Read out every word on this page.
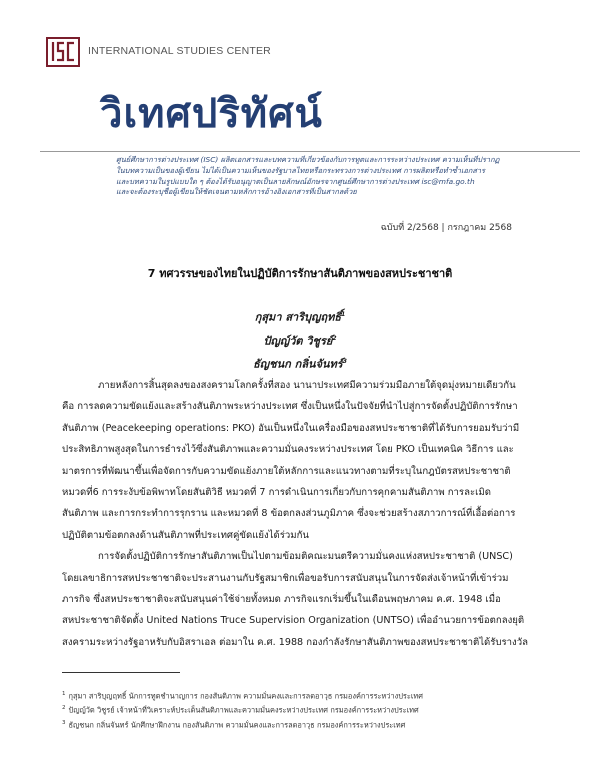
INTERNATIONAL STUDIES CENTER
วิเทศปริทัศน์
ศูนย์ศึกษาการต่างประเทศ (ISC) ผลิตเอกสารและบทความที่เกี่ยวข้องกับการทูตและการระหว่างประเทศ ความเห็นที่ปรากฏ
ในบทความเป็นของผู้เขียน ไม่ได้เป็นความเห็นของรัฐบาลไทยหรือกระทรวงการต่างประเทศ การผลิตหรือทำซ้ำเอกสาร
และบทความในรูปแบบใด ๆ ต้องได้รับอนุญาตเป็นลายลักษณ์อักษรจากศูนย์ศึกษาการต่างประเทศ isc@mfa.go.th
และจะต้องระบุชื่อผู้เขียนให้ชัดเจนตามหลักการอ้างอิงเอกสารที่เป็นสากลด้วย
ฉบับที่ 2/2568 | กรกฎาคม 2568
7 ทศวรรษของไทยในปฏิบัติการรักษาสันติภาพของสหประชาชาติ
กุสุมา สาริบุญฤทธิ์$^1$
ปัญญ์วัต วิชูรย์$^2$
ธัญชนก กลิ่นจันทร์$^3$
ภายหลังการสิ้นสุดลงของสงครามโลกครั้งที่สอง นานาประเทศมีความร่วมมือภายใต้จุดมุ่งหมายเดียวกัน
คือ การลดความขัดแย้งและสร้างสันติภาพระหว่างประเทศ ซึ่งเป็นหนึ่งในปัจจัยที่นำไปสู่การจัดตั้งปฏิบัติการรักษา
สันติภาพ (Peacekeeping operations: PKO) อันเป็นหนึ่งในเครื่องมือของสหประชาชาติที่ได้รับการยอมรับว่ามี
ประสิทธิภาพสูงสุดในการธำรงไว้ซึ่งสันติภาพและความมั่นคงระหว่างประเทศ โดย PKO เป็นเทคนิค วิธีการ และ
มาตรการที่พัฒนาขึ้นเพื่อจัดการกับความขัดแย้งภายใต้หลักการและแนวทางตามที่ระบุในกฎบัตรสหประชาชาติ
หมวดที่6 การระงับข้อพิพาทโดยสันติวิธี หมวดที่ 7 การดำเนินการเกี่ยวกับการคุกคามสันติภาพ การละเมิด
สันติภาพ และการกระทำการรุกราน และหมวดที่ 8 ข้อตกลงส่วนภูมิภาค ซึ่งจะช่วยสร้างสภาวการณ์ที่เอื้อต่อการ
ปฏิบัติตามข้อตกลงด้านสันติภาพที่ประเทศคู่ขัดแย้งได้ร่วมกัน
การจัดตั้งปฏิบัติการรักษาสันติภาพเป็นไปตามข้อมติคณะมนตรีความมั่นคงแห่งสหประชาชาติ (UNSC)
โดยเลขาธิการสหประชาชาติจะประสานงานกับรัฐสมาชิกเพื่อขอรับการสนับสนุนในการจัดส่งเจ้าหน้าที่เข้าร่วม
ภารกิจ ซึ่งสหประชาชาติจะสนับสนุนค่าใช้จ่ายทั้งหมด ภารกิจแรกเริ่มขึ้นในเดือนพฤษภาคม ค.ศ. 1948 เมื่อ
สหประชาชาติจัดตั้ง United Nations Truce Supervision Organization (UNTSO) เพื่ออำนวยการข้อตกลงยุติ
สงครามระหว่างรัฐอาหรับกับอิสราเอล ต่อมาใน ค.ศ. 1988 กองกำลังรักษาสันติภาพของสหประชาชาติได้รับรางวัล
$^1$ กุสุมา สาริบุญฤทธิ์ นักการทูตชำนาญการ กองสันติภาพ ความมั่นคงและการลดอาวุธ กรมองค์การระหว่างประเทศ
$^2$ ปัญญ์วัต วิชูรย์ เจ้าหน้าที่วิเคราะห์ประเด็นสันติภาพและความมั่นคงระหว่างประเทศ กรมองค์การระหว่างประเทศ
$^3$ ธัญชนก กลิ่นจันทร์ นักศึกษาฝึกงาน กองสันติภาพ ความมั่นคงและการลดอาวุธ กรมองค์การระหว่างประเทศ
